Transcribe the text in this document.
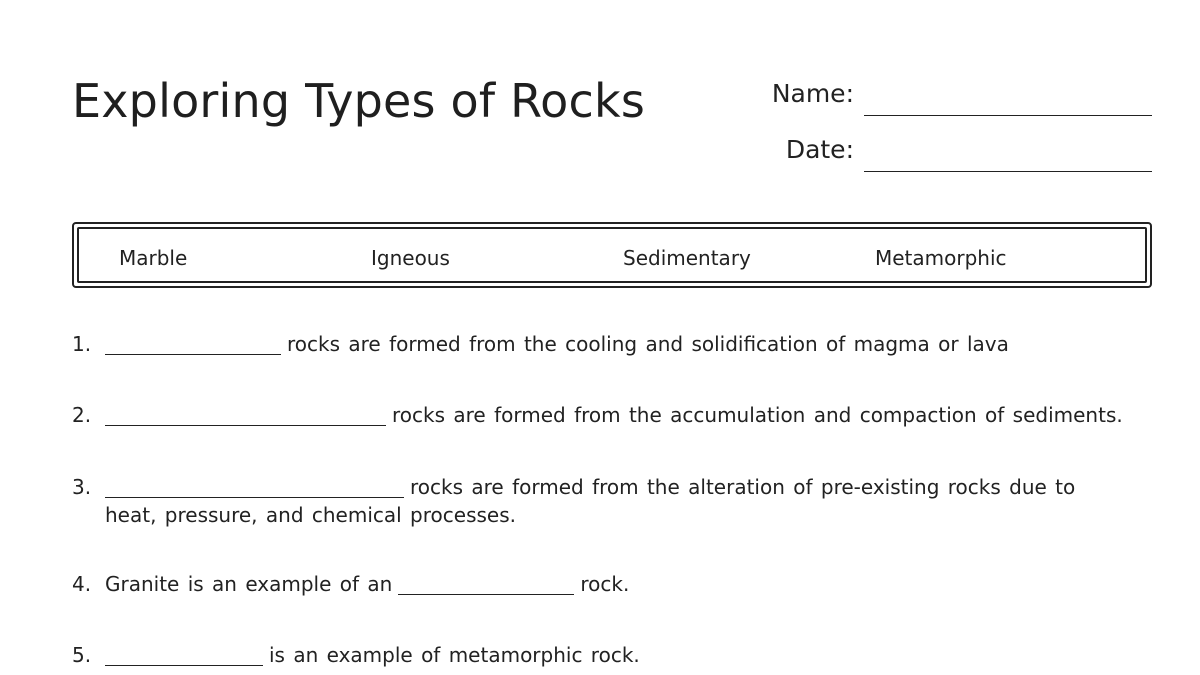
Exploring Types of Rocks	Name:
Date:
Marble	Igneous	Sedimentary	Metamorphic
1.	rocks are formed from the cooling and solidification of magma or lava
2.	rocks are formed from the accumulation and compaction of sediments.
3.	rocks are formed from the alteration of pre-existing rocks due to heat, pressure, and chemical processes.
4. Granite is an example of an	rock.
5.	is an example of metamorphic rock.
